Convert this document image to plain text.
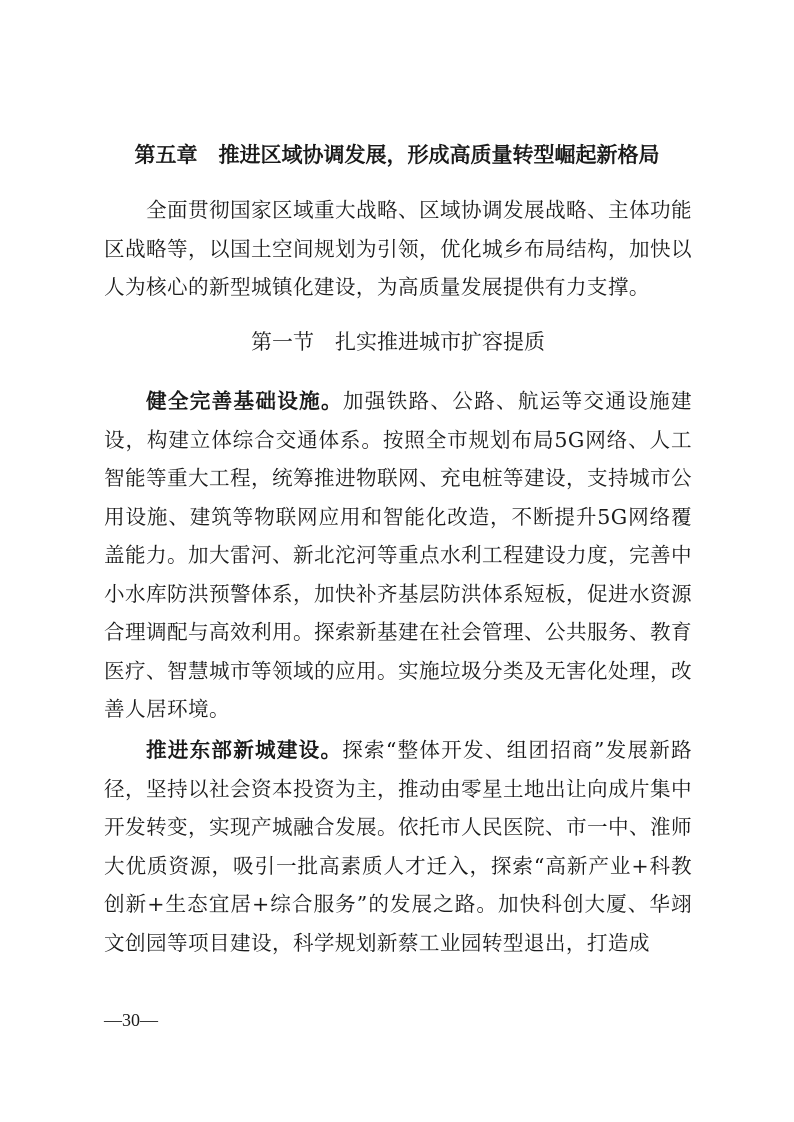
第五章　推进区域协调发展，形成高质量转型崛起新格局

全面贯彻国家区域重大战略、区域协调发展战略、主体功能区战略等，以国土空间规划为引领，优化城乡布局结构，加快以人为核心的新型城镇化建设，为高质量发展提供有力支撑。

第一节　扎实推进城市扩容提质

健全完善基础设施。加强铁路、公路、航运等交通设施建设，构建立体综合交通体系。按照全市规划布局5G网络、人工智能等重大工程，统筹推进物联网、充电桩等建设，支持城市公用设施、建筑等物联网应用和智能化改造，不断提升5G网络覆盖能力。加大雷河、新北沱河等重点水利工程建设力度，完善中小水库防洪预警体系，加快补齐基层防洪体系短板，促进水资源合理调配与高效利用。探索新基建在社会管理、公共服务、教育医疗、智慧城市等领域的应用。实施垃圾分类及无害化处理，改善人居环境。

推进东部新城建设。探索“整体开发、组团招商”发展新路径，坚持以社会资本投资为主，推动由零星土地出让向成片集中开发转变，实现产城融合发展。依托市人民医院、市一中、淮师大优质资源，吸引一批高素质人才迁入，探索“高新产业+科教创新+生态宜居+综合服务”的发展之路。加快科创大厦、华翊文创园等项目建设，科学规划新蔡工业园转型退出，打造成

—30—
